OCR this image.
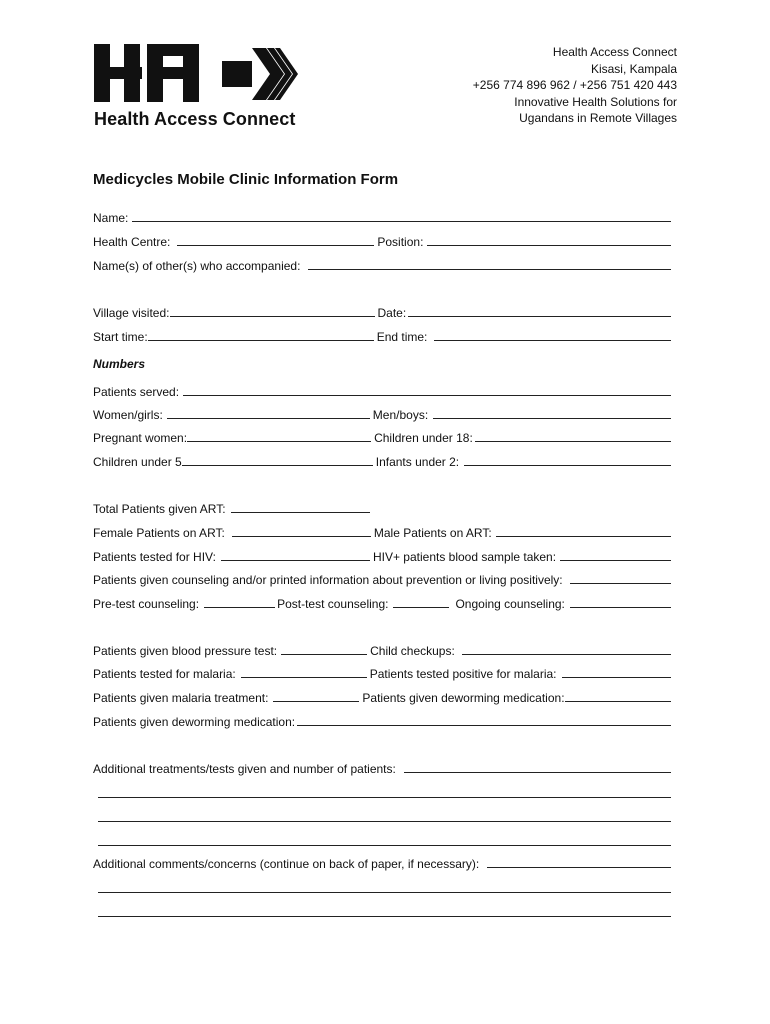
Health Access Connect
Health Access Connect
Kisasi, Kampala
+256 774 896 962 / +256 751 420 443
Innovative Health Solutions for
Ugandans in Remote Villages
Medicycles Mobile Clinic Information Form
Name:
Health Centre:	Position:
Name(s) of other(s) who accompanied:
Village visited:	Date:
Start time:	End time:
Numbers
Patients served:
Women/girls:	Men/boys:
Pregnant women:	Children under 18:
Children under 5	Infants under 2:
Total Patients given ART:
Female Patients on ART:	Male Patients on ART:
Patients tested for HIV:	HIV+ patients blood sample taken:
Patients given counseling and/or printed information about prevention or living positively:
Pre-test counseling:	Post-test counseling:	Ongoing counseling:
Patients given blood pressure test:	Child checkups:
Patients tested for malaria:	Patients tested positive for malaria:
Patients given malaria treatment:	Patients given deworming medication:
Patients given deworming medication:
Additional treatments/tests given and number of patients:
Additional comments/concerns (continue on back of paper, if necessary):
